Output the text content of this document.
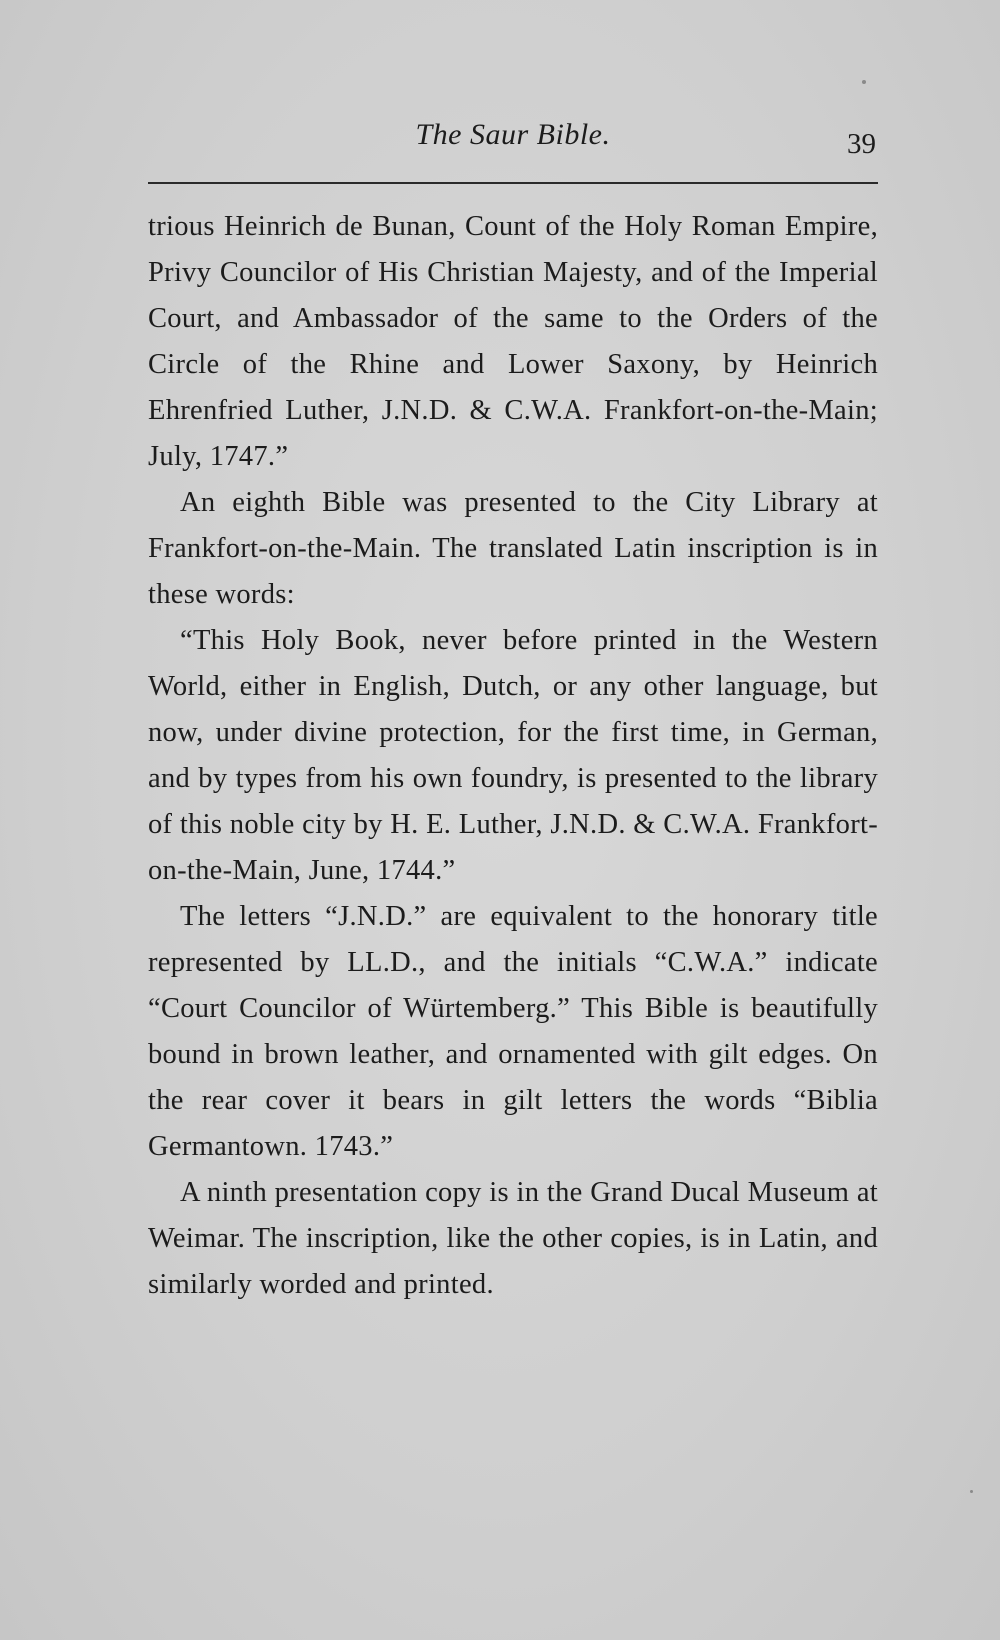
The Saur Bible.	39

trious Heinrich de Bunan, Count of the Holy Roman Empire, Privy Councilor of His Christian Majesty, and of the Imperial Court, and Ambassador of the same to the Orders of the Circle of the Rhine and Lower Saxony, by Heinrich Ehrenfried Luther, J.N.D. & C.W.A. Frankfort-on-the-Main; July, 1747.”

An eighth Bible was presented to the City Library at Frankfort-on-the-Main. The translated Latin inscription is in these words:

“This Holy Book, never before printed in the Western World, either in English, Dutch, or any other language, but now, under divine protection, for the first time, in German, and by types from his own foundry, is presented to the library of this noble city by H. E. Luther, J.N.D. & C.W.A. Frankfort-on-the-Main, June, 1744.”

The letters “J.N.D.” are equivalent to the honorary title represented by LL.D., and the initials “C.W.A.” indicate “Court Councilor of Würtemberg.” This Bible is beautifully bound in brown leather, and ornamented with gilt edges. On the rear cover it bears in gilt letters the words “Biblia Germantown. 1743.”

A ninth presentation copy is in the Grand Ducal Museum at Weimar. The inscription, like the other copies, is in Latin, and similarly worded and printed.
